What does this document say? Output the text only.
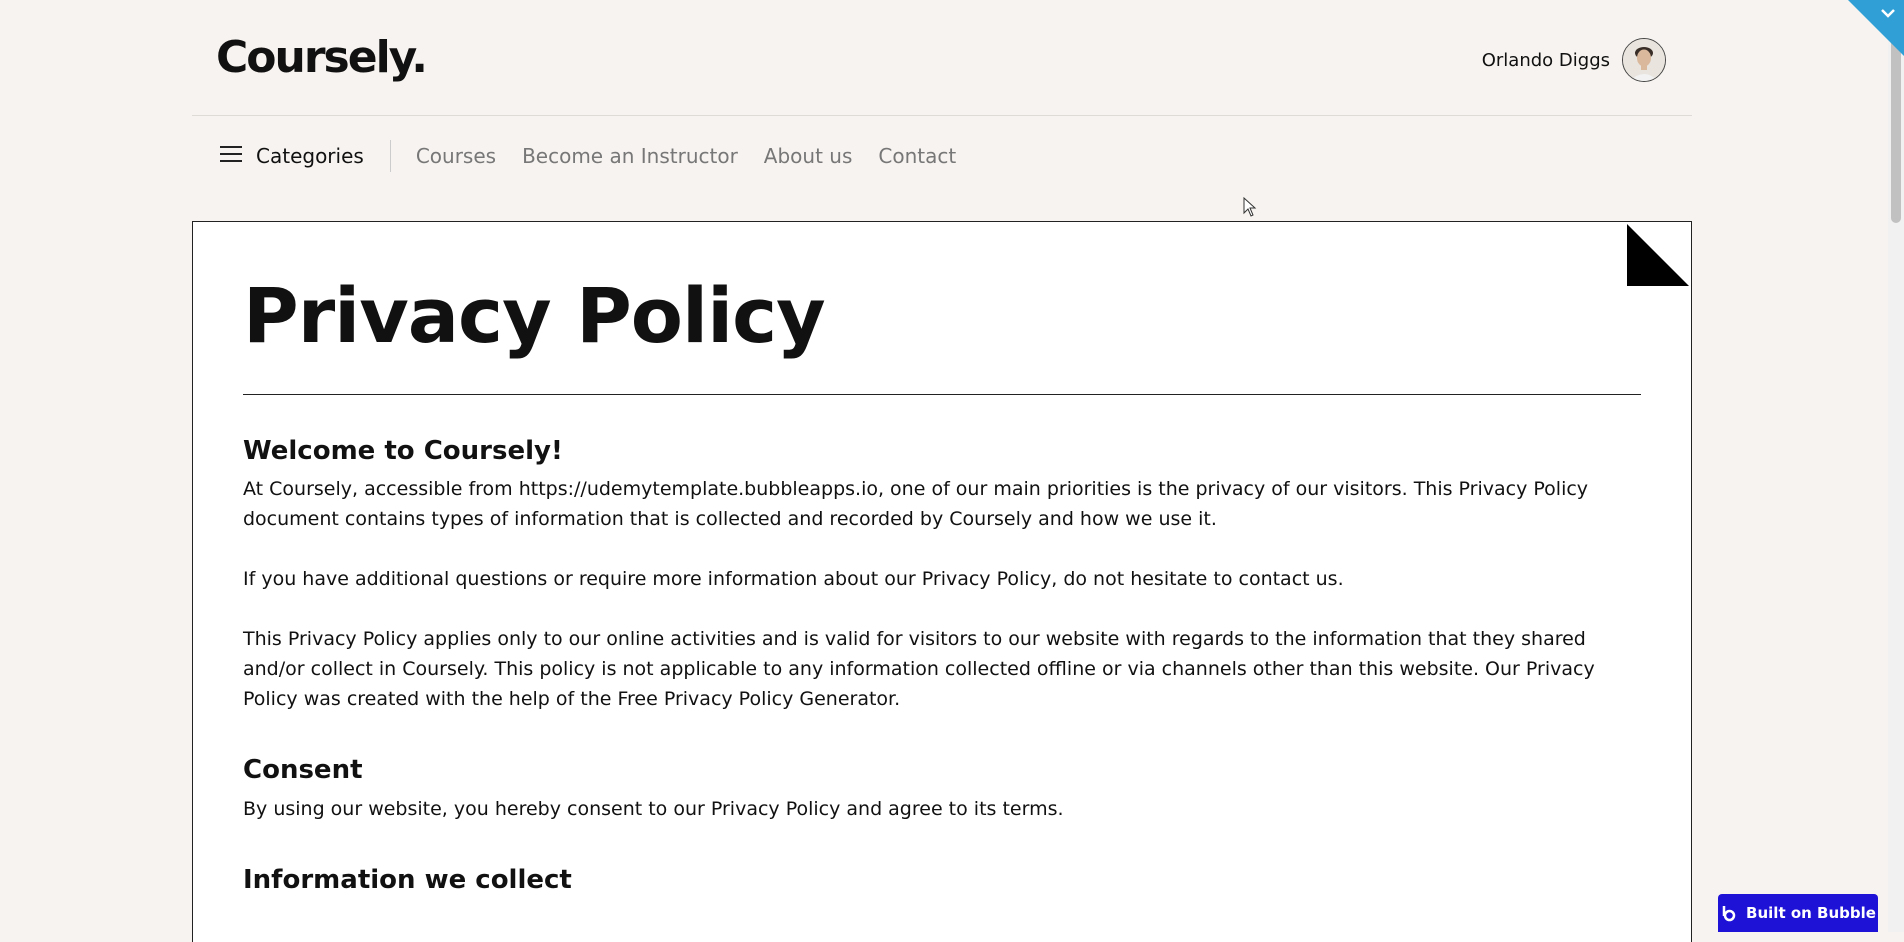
Coursely.	Orlando Diggs
Categories	Courses Become an Instructor About us Contact
Privacy Policy
Welcome to Coursely!

At Coursely, accessible from https://udemytemplate.bubbleapps.io, one of our main priorities is the privacy of our visitors. This Privacy Policy document contains types of information that is collected and recorded by Coursely and how we use it.

If you have additional questions or require more information about our Privacy Policy, do not hesitate to contact us.

This Privacy Policy applies only to our online activities and is valid for visitors to our website with regards to the information that they shared and/or collect in Coursely. This policy is not applicable to any information collected offline or via channels other than this website. Our Privacy Policy was created with the help of the Free Privacy Policy Generator.

Consent

By using our website, you hereby consent to our Privacy Policy and agree to its terms.

Information we collect
Built on Bubble
